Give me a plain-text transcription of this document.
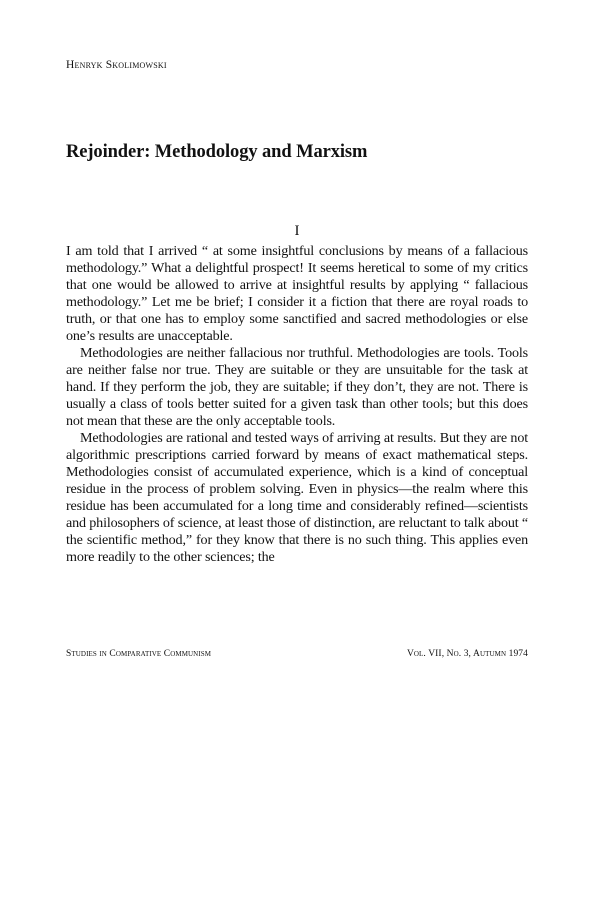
Henryk Skolimowski
Rejoinder: Methodology and Marxism
I

I am told that I arrived “ at some insightful conclusions by means of a fallacious methodology.” What a delightful prospect! It seems heretical to some of my critics that one would be allowed to arrive at insightful results by applying “ fallacious methodology.” Let me be brief; I consider it a fiction that there are royal roads to truth, or that one has to employ some sanctified and sacred methodologies or else one’s results are unacceptable.

Methodologies are neither fallacious nor truthful. Methodologies are tools. Tools are neither false nor true. They are suitable or they are unsuitable for the task at hand. If they perform the job, they are suitable; if they don’t, they are not. There is usually a class of tools better suited for a given task than other tools; but this does not mean that these are the only acceptable tools.

Methodologies are rational and tested ways of arriving at results. But they are not algorithmic prescriptions carried forward by means of exact mathematical steps. Methodologies consist of accumulated experience, which is a kind of conceptual residue in the process of problem solving. Even in physics—the realm where this residue has been accumulated for a long time and considerably refined—scientists and philosophers of science, at least those of distinction, are reluctant to talk about “ the scientific method,” for they know that there is no such thing. This applies even more readily to the other sciences; the

Studies in Comparative Communism	Vol. VII, No. 3, Autumn 1974
